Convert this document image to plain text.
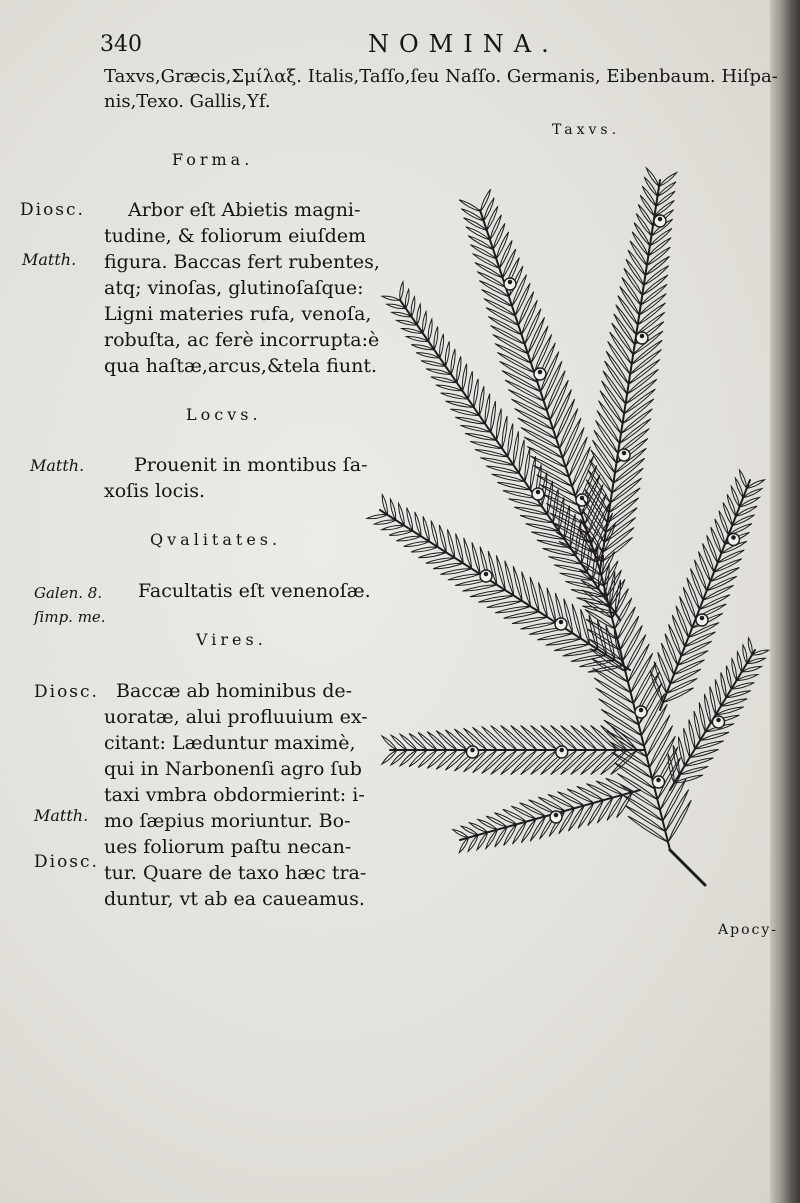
340	NOMINA.
Taxvs,Græcis,Σμίλαξ. Italis,Taſſo,ſeu Naſſo. Germanis, Eibenbaum. Hiſpa-
nis,Texo. Gallis,Yf.
Taxvs.
Forma.
Diosc.
Matth.
Arbor eſt Abietis magni-
tudine, & foliorum eiuſdem
figura. Baccas fert rubentes,
atq; vinoſas, glutinoſaſque:
Ligni materies rufa, venoſa,
robuſta, ac ferè incorrupta:è
qua haſtæ,arcus,&tela fiunt.
Locvs.
Matth.	Prouenit in montibus ſa-
xoſis locis.
Qvalitates.
Galen. 8.
ſimp. me.
Facultatis eſt venenoſæ.
Vires.
Diosc.
Matth.
Diosc.
Baccæ ab hominibus de-
uoratæ, alui profluuium ex-
citant: Læduntur maximè,
qui in Narbonenſi agro ſub
taxi vmbra obdormierint: i-
mo ſæpius moriuntur. Bo-
ues foliorum paſtu necan-
tur. Quare de taxo hæc tra-
duntur, vt ab ea caueamus.
Apocy-
